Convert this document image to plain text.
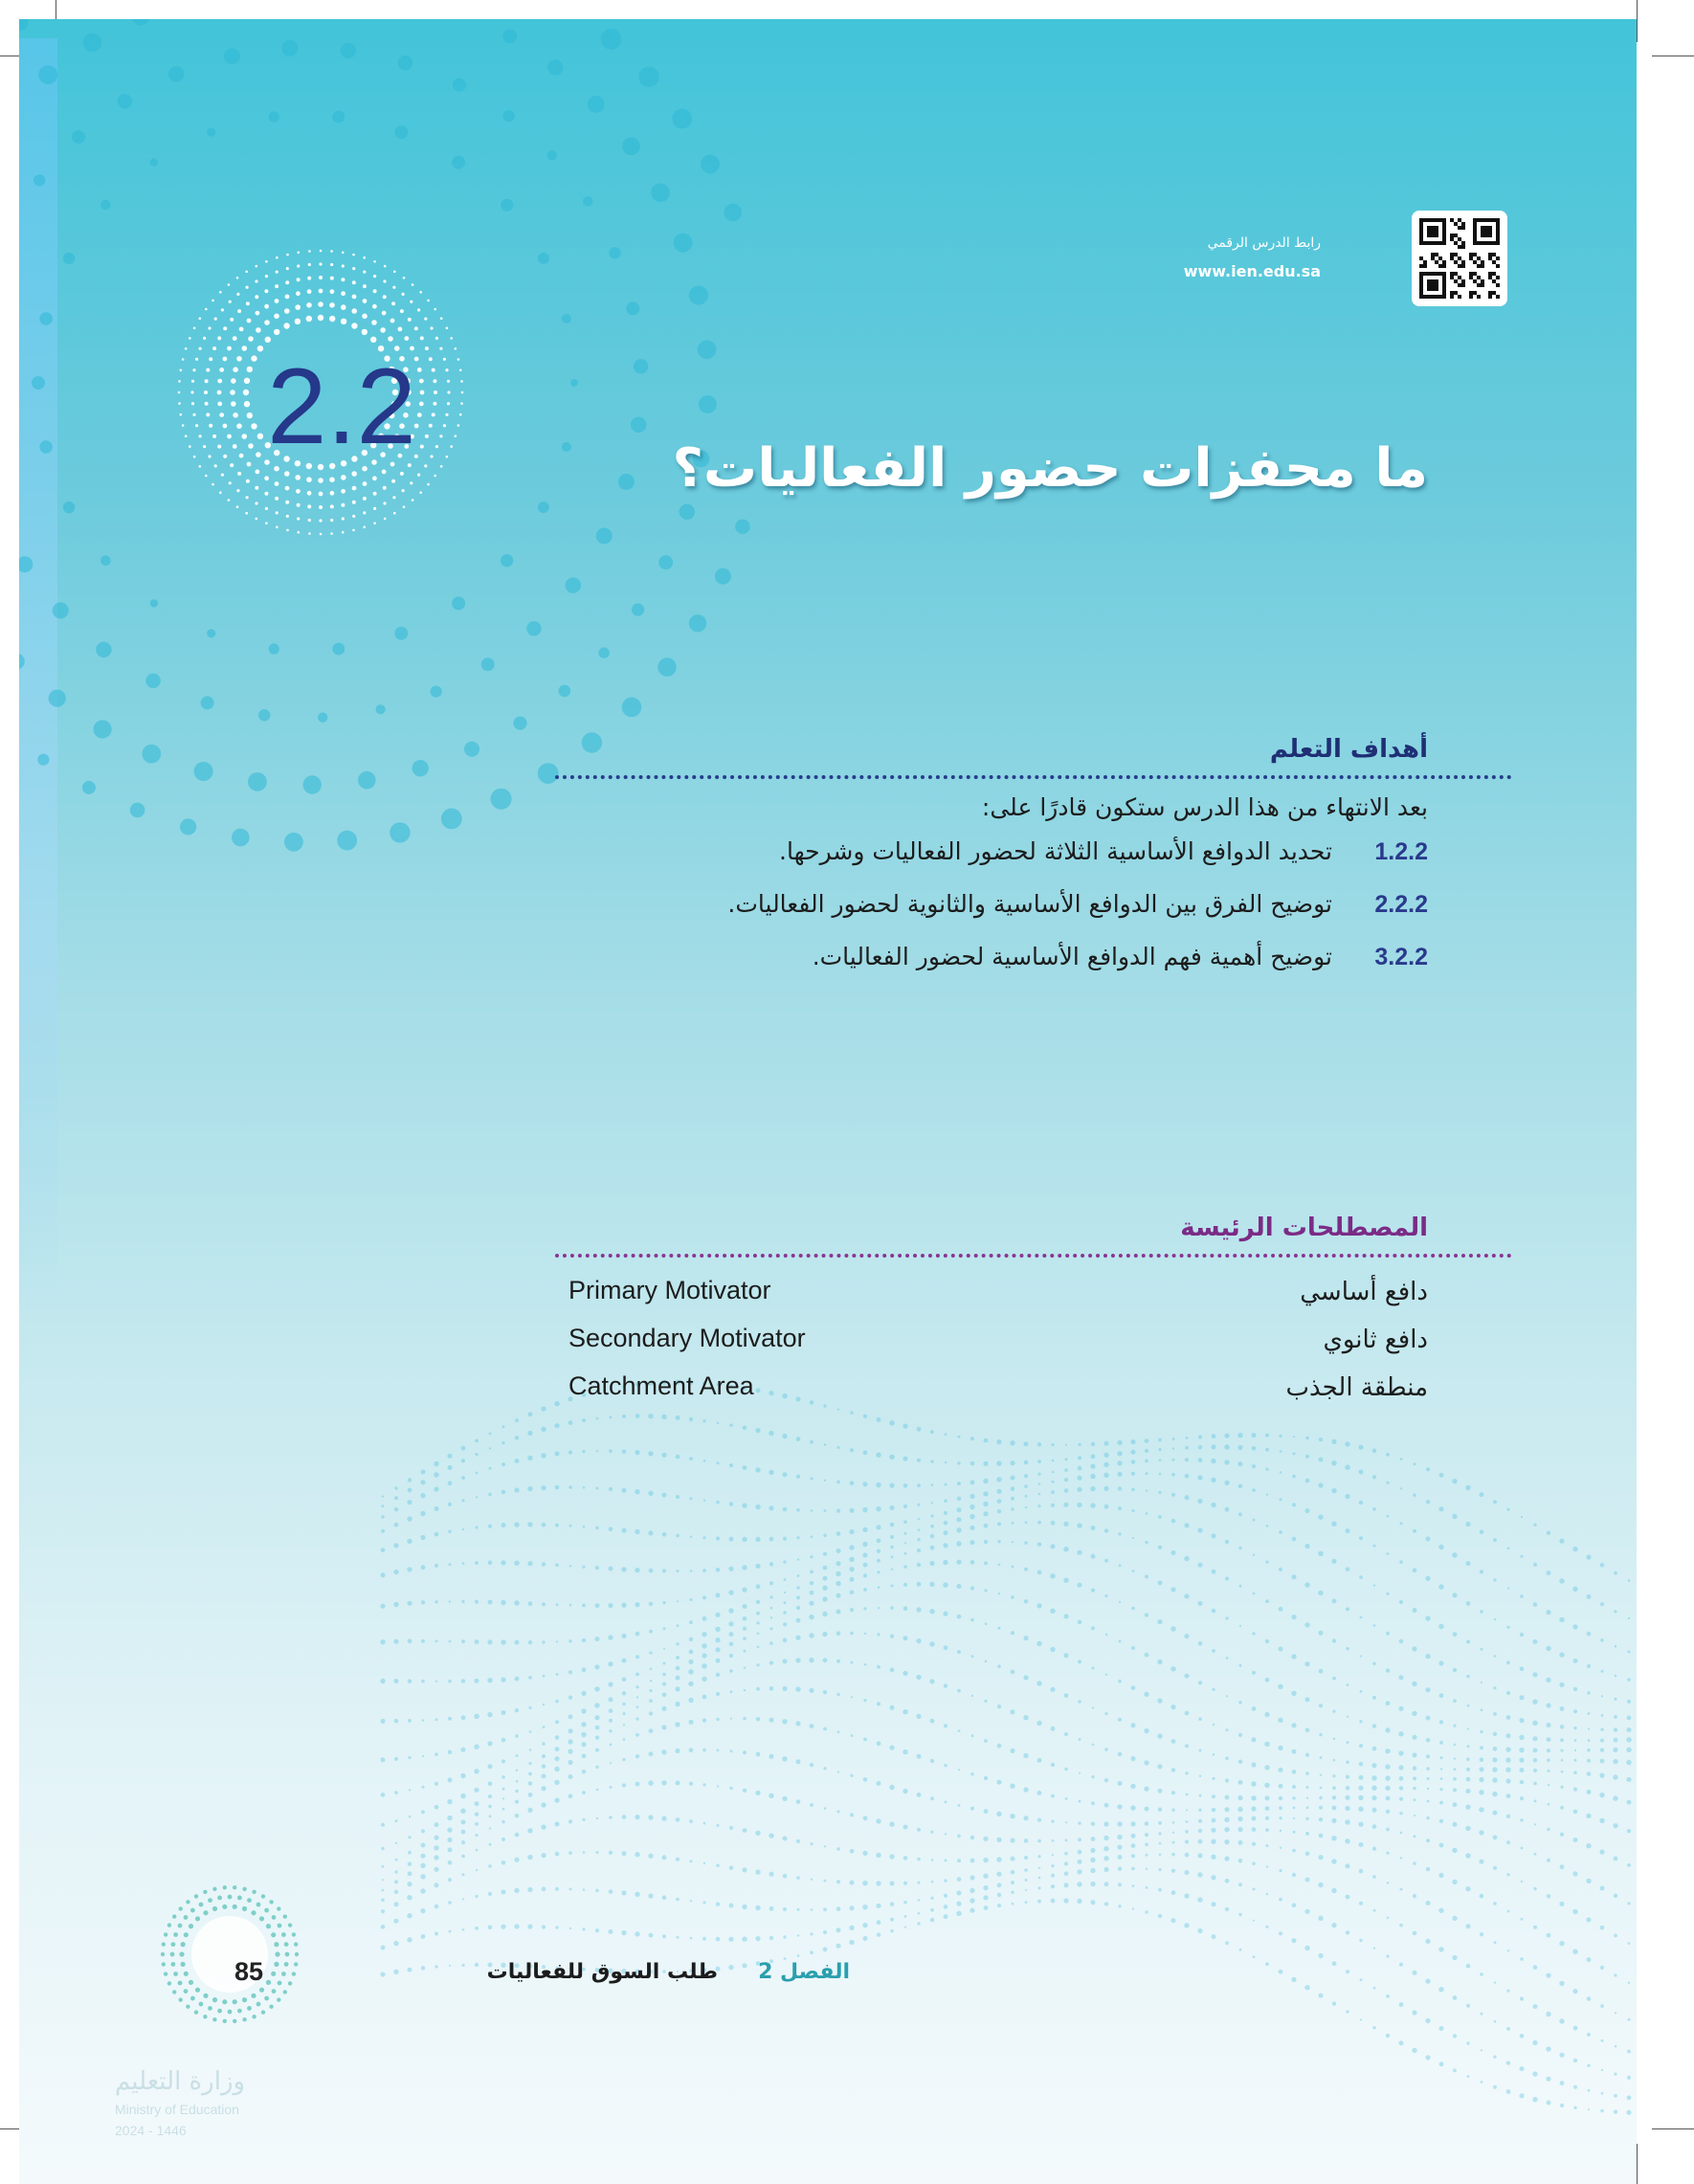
رابط الدرس الرقمي
www.ien.edu.sa
2.2
ما محفزات حضور الفعاليات؟
أهداف التعلم
بعد الانتهاء من هذا الدرس ستكون قادرًا على:
1.2.2
تحديد الدوافع الأساسية الثلاثة لحضور الفعاليات وشرحها.
2.2.2
توضيح الفرق بين الدوافع الأساسية والثانوية لحضور الفعاليات.
3.2.2
توضيح أهمية فهم الدوافع الأساسية لحضور الفعاليات.
المصطلحات الرئيسة
دافع أساسي
Primary Motivator
دافع ثانوي
Secondary Motivator
منطقة الجذب
Catchment Area
85	الفصل 2
طلب السوق للفعاليات
وزارة التعليم
Ministry of Education
2024 - 1446
